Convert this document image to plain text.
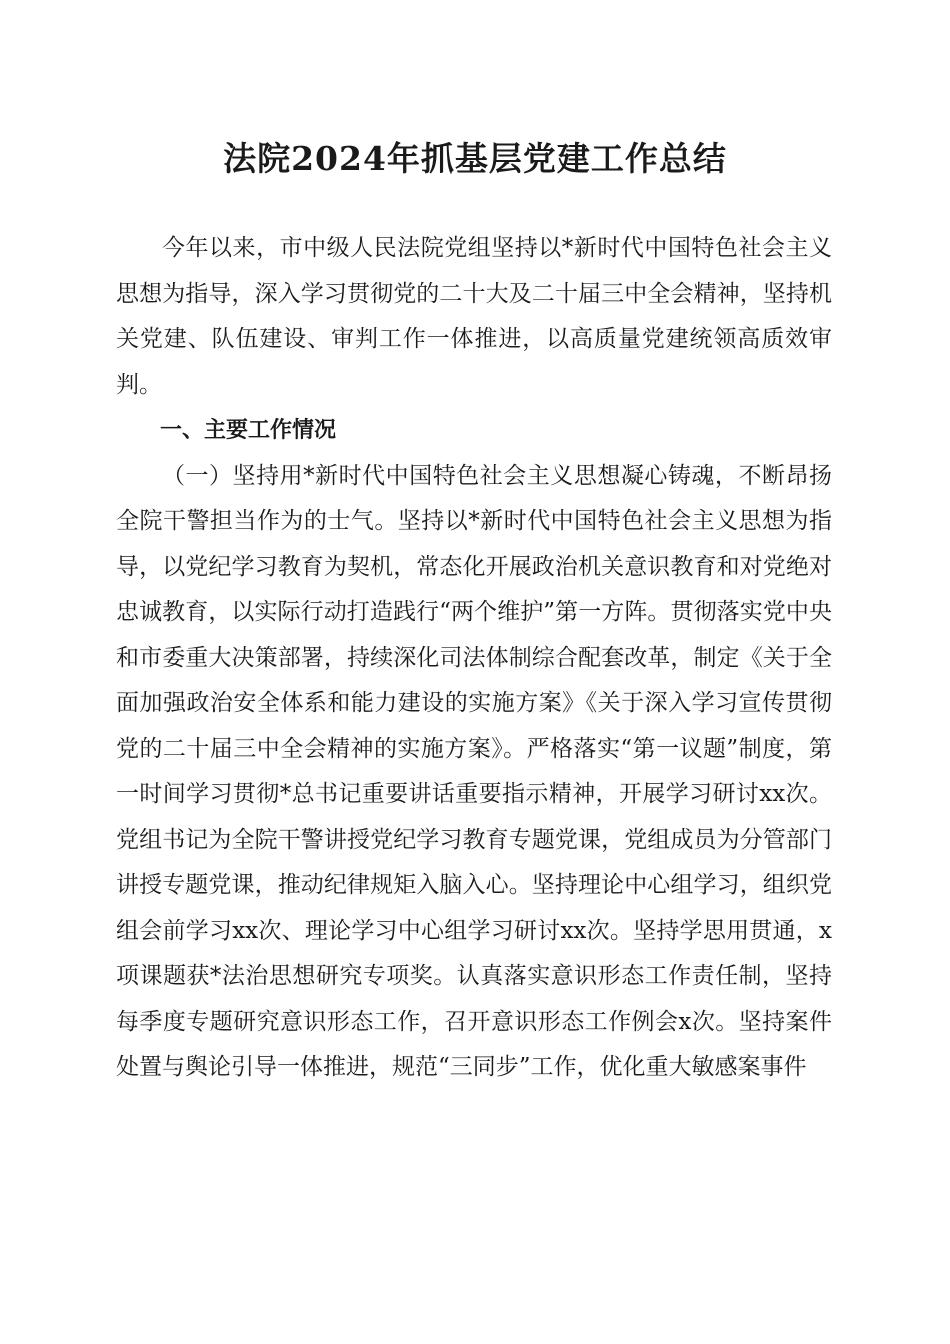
法院2024年抓基层党建工作总结

今年以来，市中级人民法院党组坚持以*新时代中国特色社会主义思想为指导，深入学习贯彻党的二十大及二十届三中全会精神，坚持机关党建、队伍建设、审判工作一体推进，以高质量党建统领高质效审判。

一、主要工作情况

（一）坚持用*新时代中国特色社会主义思想凝心铸魂，不断昂扬全院干警担当作为的士气。坚持以*新时代中国特色社会主义思想为指导，以党纪学习教育为契机，常态化开展政治机关意识教育和对党绝对忠诚教育，以实际行动打造践行“两个维护”第一方阵。贯彻落实党中央和市委重大决策部署，持续深化司法体制综合配套改革，制定《关于全面加强政治安全体系和能力建设的实施方案》《关于深入学习宣传贯彻党的二十届三中全会精神的实施方案》。严格落实“第一议题”制度，第一时间学习贯彻*总书记重要讲话重要指示精神，开展学习研讨xx次。党组书记为全院干警讲授党纪学习教育专题党课，党组成员为分管部门讲授专题党课，推动纪律规矩入脑入心。坚持理论中心组学习，组织党组会前学习xx次、理论学习中心组学习研讨xx次。坚持学思用贯通，x项课题获*法治思想研究专项奖。认真落实意识形态工作责任制，坚持每季度专题研究意识形态工作，召开意识形态工作例会x次。坚持案件处置与舆论引导一体推进，规范“三同步”工作，优化重大敏感案事件
